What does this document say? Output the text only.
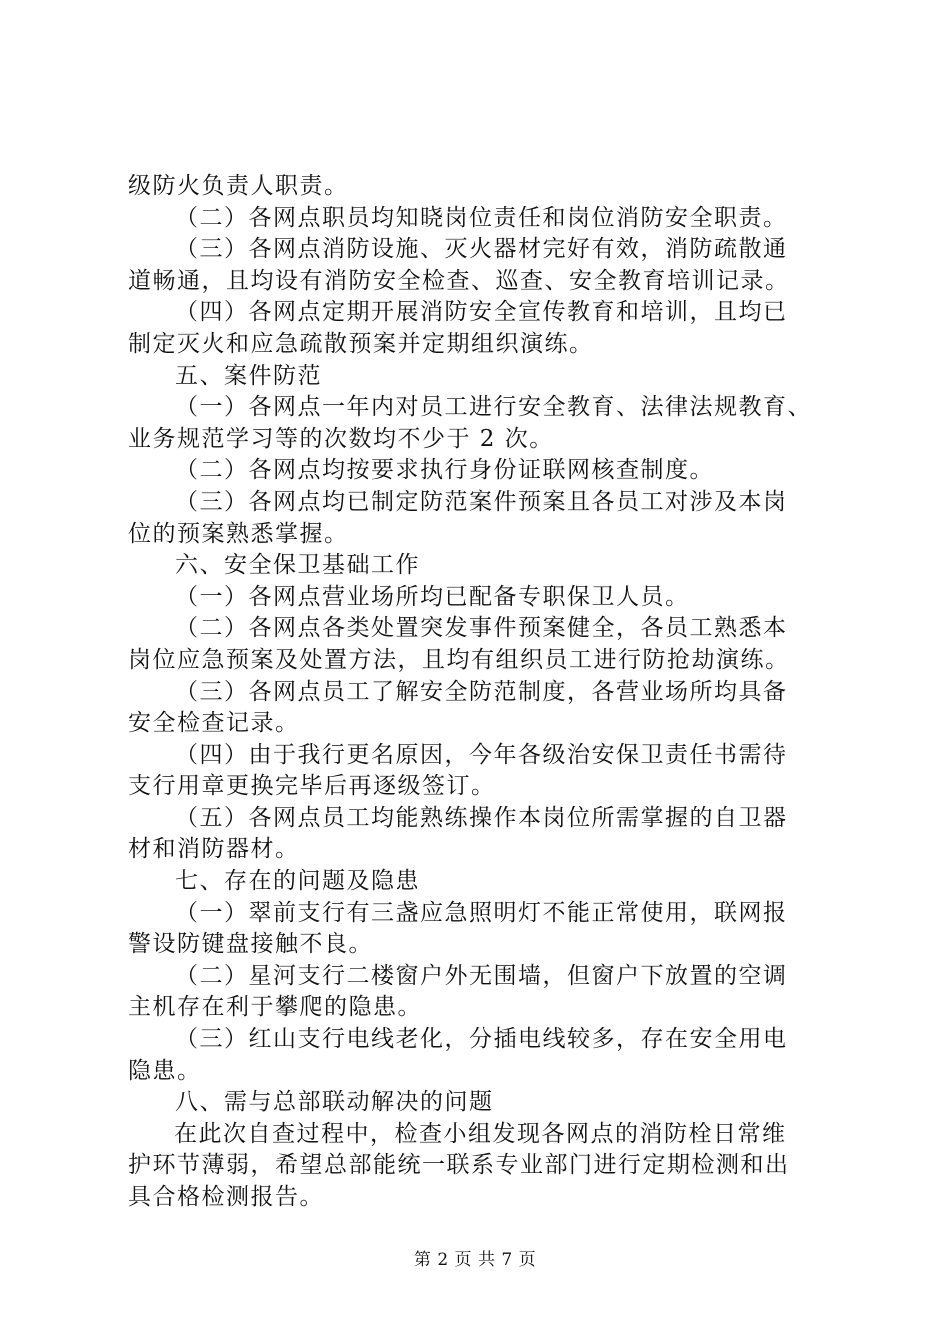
级防火负责人职责。

（二）各网点职员均知晓岗位责任和岗位消防安全职责。

（三）各网点消防设施、灭火器材完好有效，消防疏散通

道畅通，且均设有消防安全检查、巡查、安全教育培训记录。

（四）各网点定期开展消防安全宣传教育和培训，且均已

制定灭火和应急疏散预案并定期组织演练。

五、案件防范

（一）各网点一年内对员工进行安全教育、法律法规教育、

业务规范学习等的次数均不少于 2 次。

（二）各网点均按要求执行身份证联网核查制度。

（三）各网点均已制定防范案件预案且各员工对涉及本岗

位的预案熟悉掌握。

六、安全保卫基础工作

（一）各网点营业场所均已配备专职保卫人员。

（二）各网点各类处置突发事件预案健全，各员工熟悉本

岗位应急预案及处置方法，且均有组织员工进行防抢劫演练。

（三）各网点员工了解安全防范制度，各营业场所均具备

安全检查记录。

（四）由于我行更名原因，今年各级治安保卫责任书需待

支行用章更换完毕后再逐级签订。

（五）各网点员工均能熟练操作本岗位所需掌握的自卫器

材和消防器材。

七、存在的问题及隐患

（一）翠前支行有三盏应急照明灯不能正常使用，联网报

警设防键盘接触不良。

（二）星河支行二楼窗户外无围墙，但窗户下放置的空调

主机存在利于攀爬的隐患。

（三）红山支行电线老化，分插电线较多，存在安全用电

隐患。

八、需与总部联动解决的问题

在此次自查过程中，检查小组发现各网点的消防栓日常维

护环节薄弱，希望总部能统一联系专业部门进行定期检测和出

具合格检测报告。

第 2 页 共 7 页
